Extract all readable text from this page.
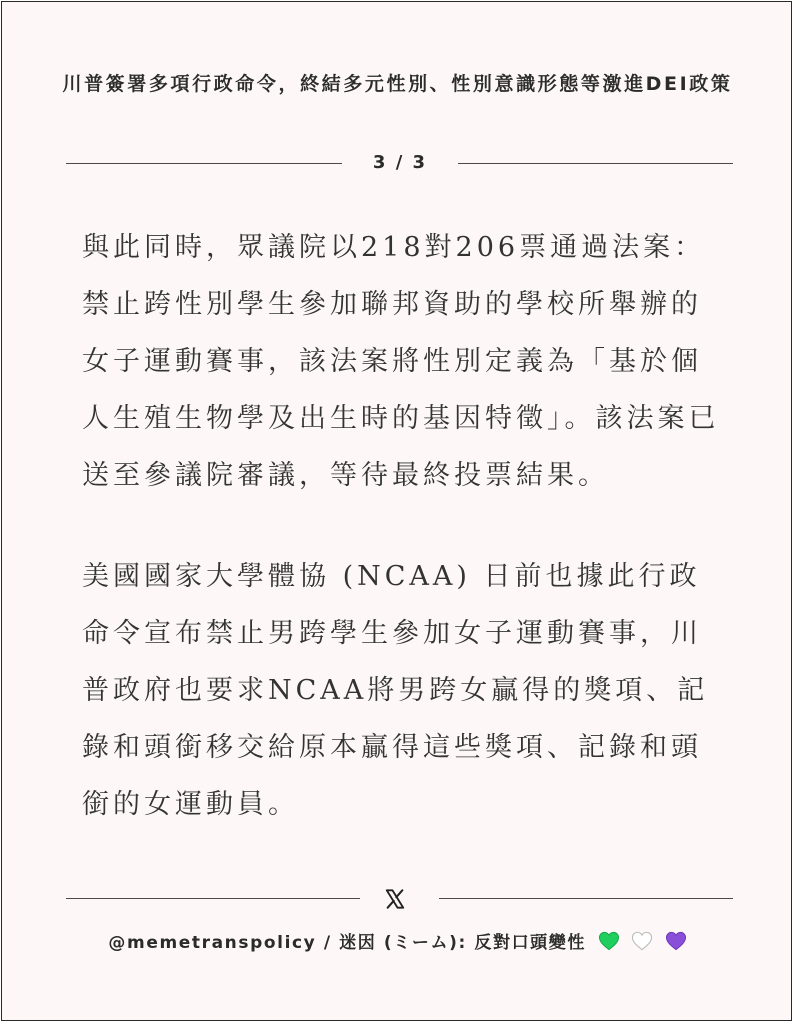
川普簽署多項行政命令，終結多元性別、性別意識形態等激進DEI政策
3 / 3

與此同時，眾議院以218對206票通過法案：禁止跨性別學生參加聯邦資助的學校所舉辦的女子運動賽事，該法案將性別定義為「基於個人生殖生物學及出生時的基因特徵」。該法案已送至參議院審議，等待最終投票結果。

美國國家大學體協 (NCAA) 日前也據此行政命令宣布禁止男跨學生參加女子運動賽事，川普政府也要求NCAA將男跨女贏得的獎項、記錄和頭銜移交給原本贏得這些獎項、記錄和頭銜的女運動員。

@memetranspolicy / 迷因 (ミーム): 反對口頭變性
